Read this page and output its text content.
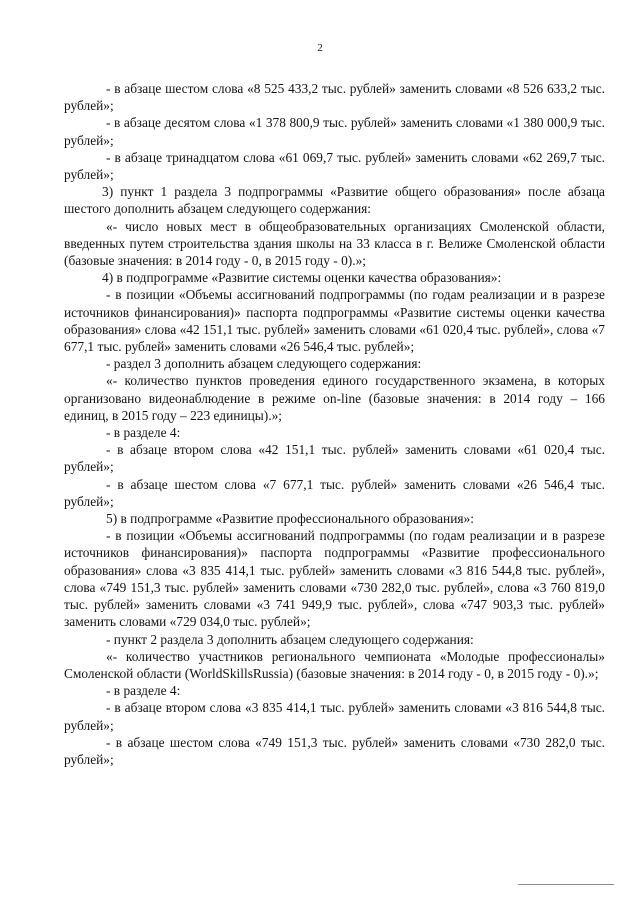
2

- в абзаце шестом слова «8 525 433,2 тыс. рублей» заменить словами «8 526 633,2 тыс. рублей»;

- в абзаце десятом слова «1 378 800,9 тыс. рублей» заменить словами «1 380 000,9 тыс. рублей»;

- в абзаце тринадцатом слова «61 069,7 тыс. рублей» заменить словами «62 269,7 тыс. рублей»;

3) пункт 1 раздела 3 подпрограммы «Развитие общего образования» после абзаца шестого дополнить абзацем следующего содержания:

«- число новых мест в общеобразовательных организациях Смоленской области, введенных путем строительства здания школы на 33 класса в г. Велиже Смоленской области (базовые значения: в 2014 году - 0, в 2015 году - 0).»;

4) в подпрограмме «Развитие системы оценки качества образования»:

- в позиции «Объемы ассигнований подпрограммы (по годам реализации и в разрезе источников финансирования)» паспорта подпрограммы «Развитие системы оценки качества образования» слова «42 151,1 тыс. рублей» заменить словами «61 020,4 тыс. рублей», слова «7 677,1 тыс. рублей» заменить словами «26 546,4 тыс. рублей»;

- раздел 3 дополнить абзацем следующего содержания:

«- количество пунктов проведения единого государственного экзамена, в которых организовано видеонаблюдение в режиме on-line (базовые значения: в 2014 году – 166 единиц, в 2015 году – 223 единицы).»;

- в разделе 4:

- в абзаце втором слова «42 151,1 тыс. рублей» заменить словами «61 020,4 тыс. рублей»;

- в абзаце шестом слова «7 677,1 тыс. рублей» заменить словами «26 546,4 тыс. рублей»;

5) в подпрограмме «Развитие профессионального образования»:

- в позиции «Объемы ассигнований подпрограммы (по годам реализации и в разрезе источников финансирования)» паспорта подпрограммы «Развитие профессионального образования» слова «3 835 414,1 тыс. рублей» заменить словами «3 816 544,8 тыс. рублей», слова «749 151,3 тыс. рублей» заменить словами «730 282,0 тыс. рублей», слова «3 760 819,0 тыс. рублей» заменить словами «3 741 949,9 тыс. рублей», слова «747 903,3 тыс. рублей» заменить словами «729 034,0 тыс. рублей»;

- пункт 2 раздела 3 дополнить абзацем следующего содержания:

«- количество участников регионального чемпионата «Молодые профессионалы» Смоленской области (WorldSkillsRussia) (базовые значения: в 2014 году - 0, в 2015 году - 0).»;

- в разделе 4:

- в абзаце втором слова «3 835 414,1 тыс. рублей» заменить словами «3 816 544,8 тыс. рублей»;

- в абзаце шестом слова «749 151,3 тыс. рублей» заменить словами «730 282,0 тыс. рублей»;
